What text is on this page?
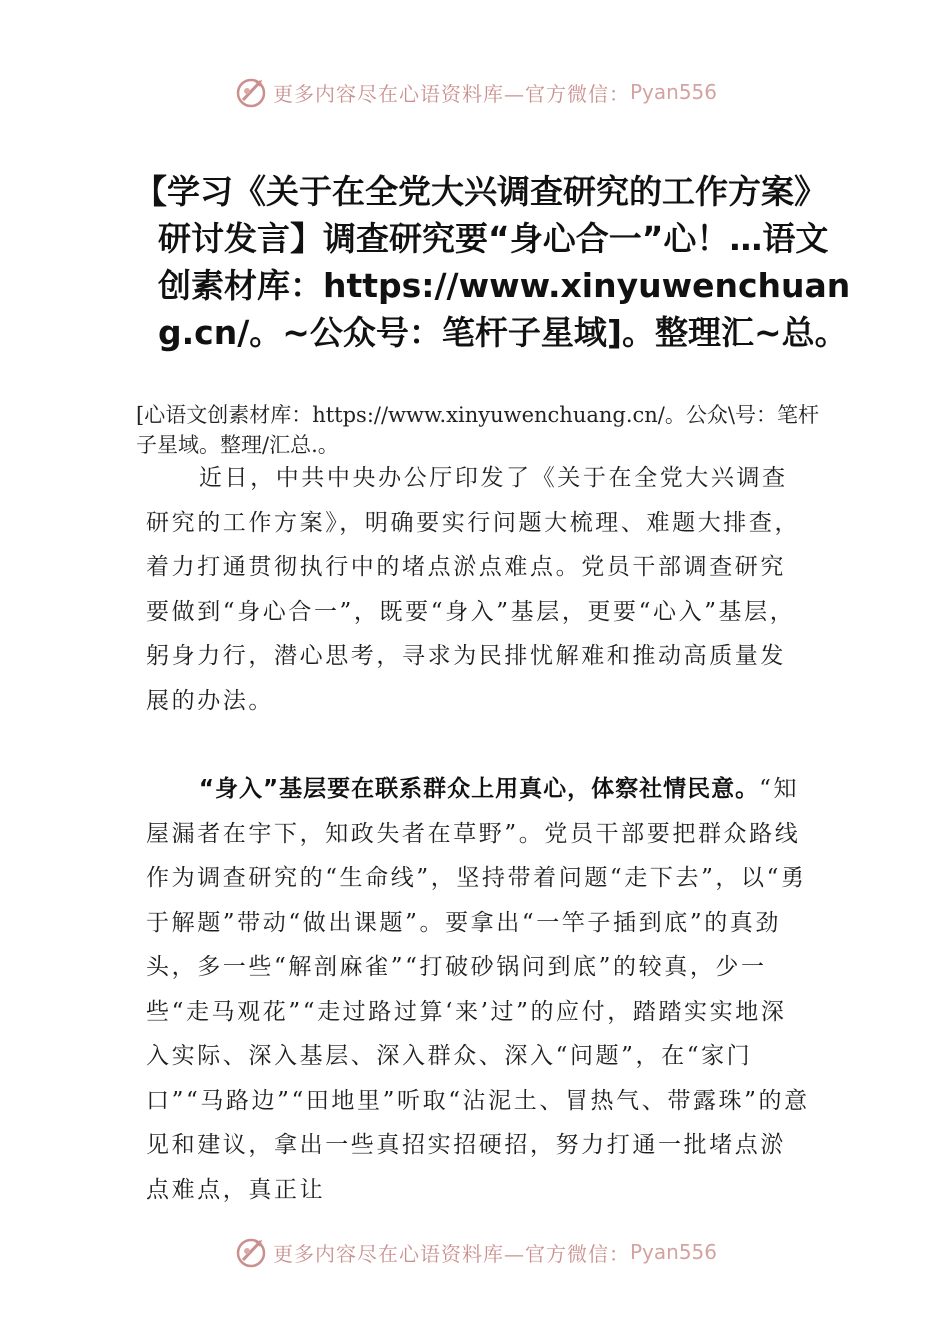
更多内容尽在心语资料库—官方微信： Pyan556
【学习《关于在全党大兴调查研究的工作方案》研讨发言】调查研究要“身心合一”心！…语文创素材库：https://www.xinyuwenchuang.cn/。~公众号：笔杆子星域]。整理汇~总。

[心语文创素材库：https://www.xinyuwenchuang.cn/。公众\号：笔杆子星域。整理/汇总.。

近日，中共中央办公厅印发了《关于在全党大兴调查研究的工作方案》，明确要实行问题大梳理、难题大排查，着力打通贯彻执行中的堵点淤点难点。党员干部调查研究要做到“身心合一”，既要“身入”基层，更要“心入”基层，躬身力行，潜心思考，寻求为民排忧解难和推动高质量发展的办法。

“身入”基层要在联系群众上用真心，体察社情民意。“知屋漏者在宇下，知政失者在草野”。党员干部要把群众路线作为调查研究的“生命线”，坚持带着问题“走下去”，以“勇于解题”带动“做出课题”。要拿出“一竿子插到底”的真劲头，多一些“解剖麻雀”“打破砂锅问到底”的较真，少一些“走马观花”“走过路过算‘来’过”的应付，踏踏实实地深入实际、深入基层、深入群众、深入“问题”，在“家门口”“马路边”“田地里”听取“沾泥土、冒热气、带露珠”的意见和建议，拿出一些真招实招硬招，努力打通一批堵点淤点难点，真正让

更多内容尽在心语资料库—官方微信： Pyan556
